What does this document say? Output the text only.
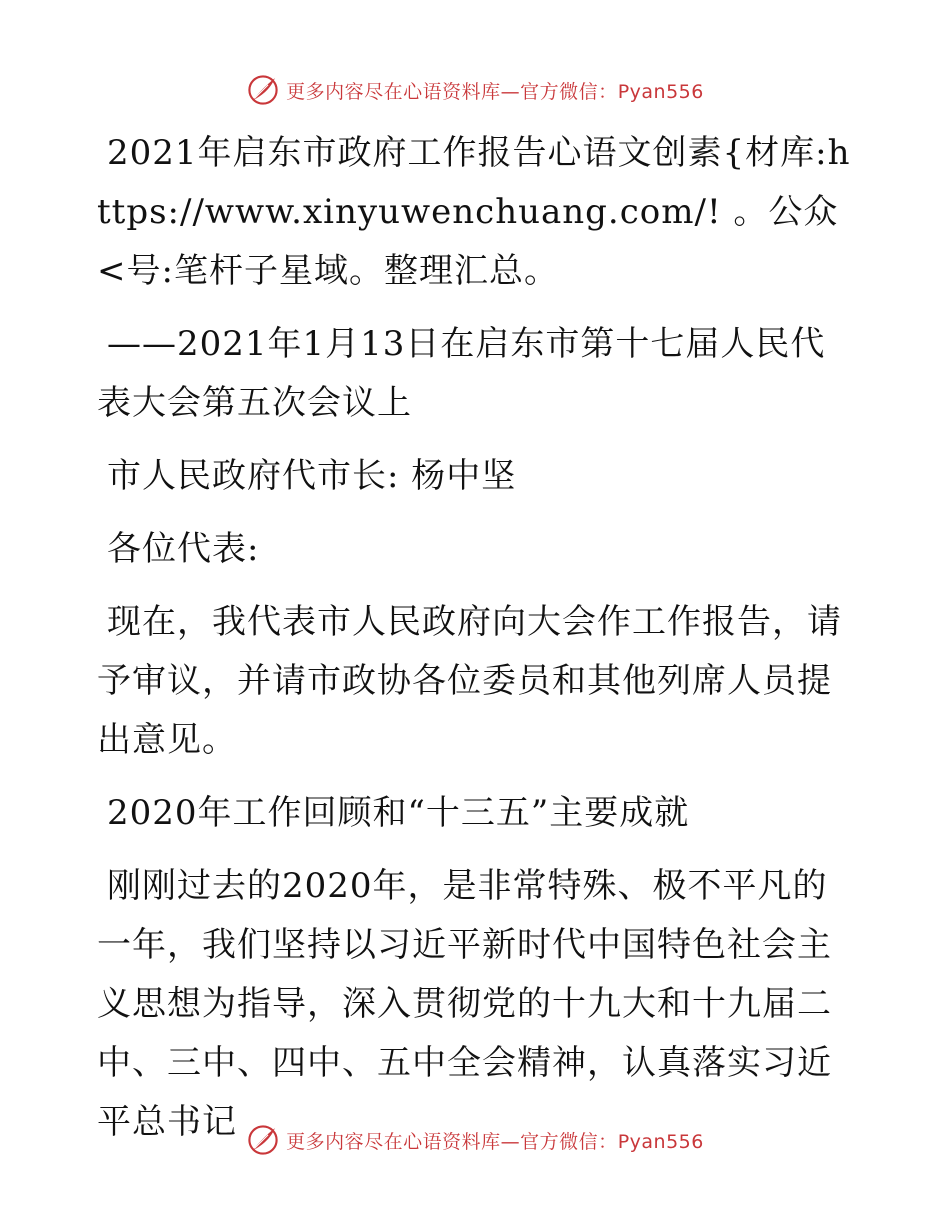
更多内容尽在心语资料库—官方微信：Pyan556

2021年启东市政府工作报告心语文创素{材库:https://www.xinyuwenchuang.com/! 。公众<号:笔杆子星域。整理汇总。

——2021年1月13日在启东市第十七届人民代表大会第五次会议上

市人民政府代市长: 杨中坚

各位代表:

现在，我代表市人民政府向大会作工作报告，请予审议，并请市政协各位委员和其他列席人员提出意见。

2020年工作回顾和“十三五”主要成就

刚刚过去的2020年，是非常特殊、极不平凡的一年，我们坚持以习近平新时代中国特色社会主义思想为指导，深入贯彻党的十九大和十九届二中、三中、四中、五中全会精神，认真落实习近平总书记	更多内容尽在心语资料库—官方微信：Pyan556
